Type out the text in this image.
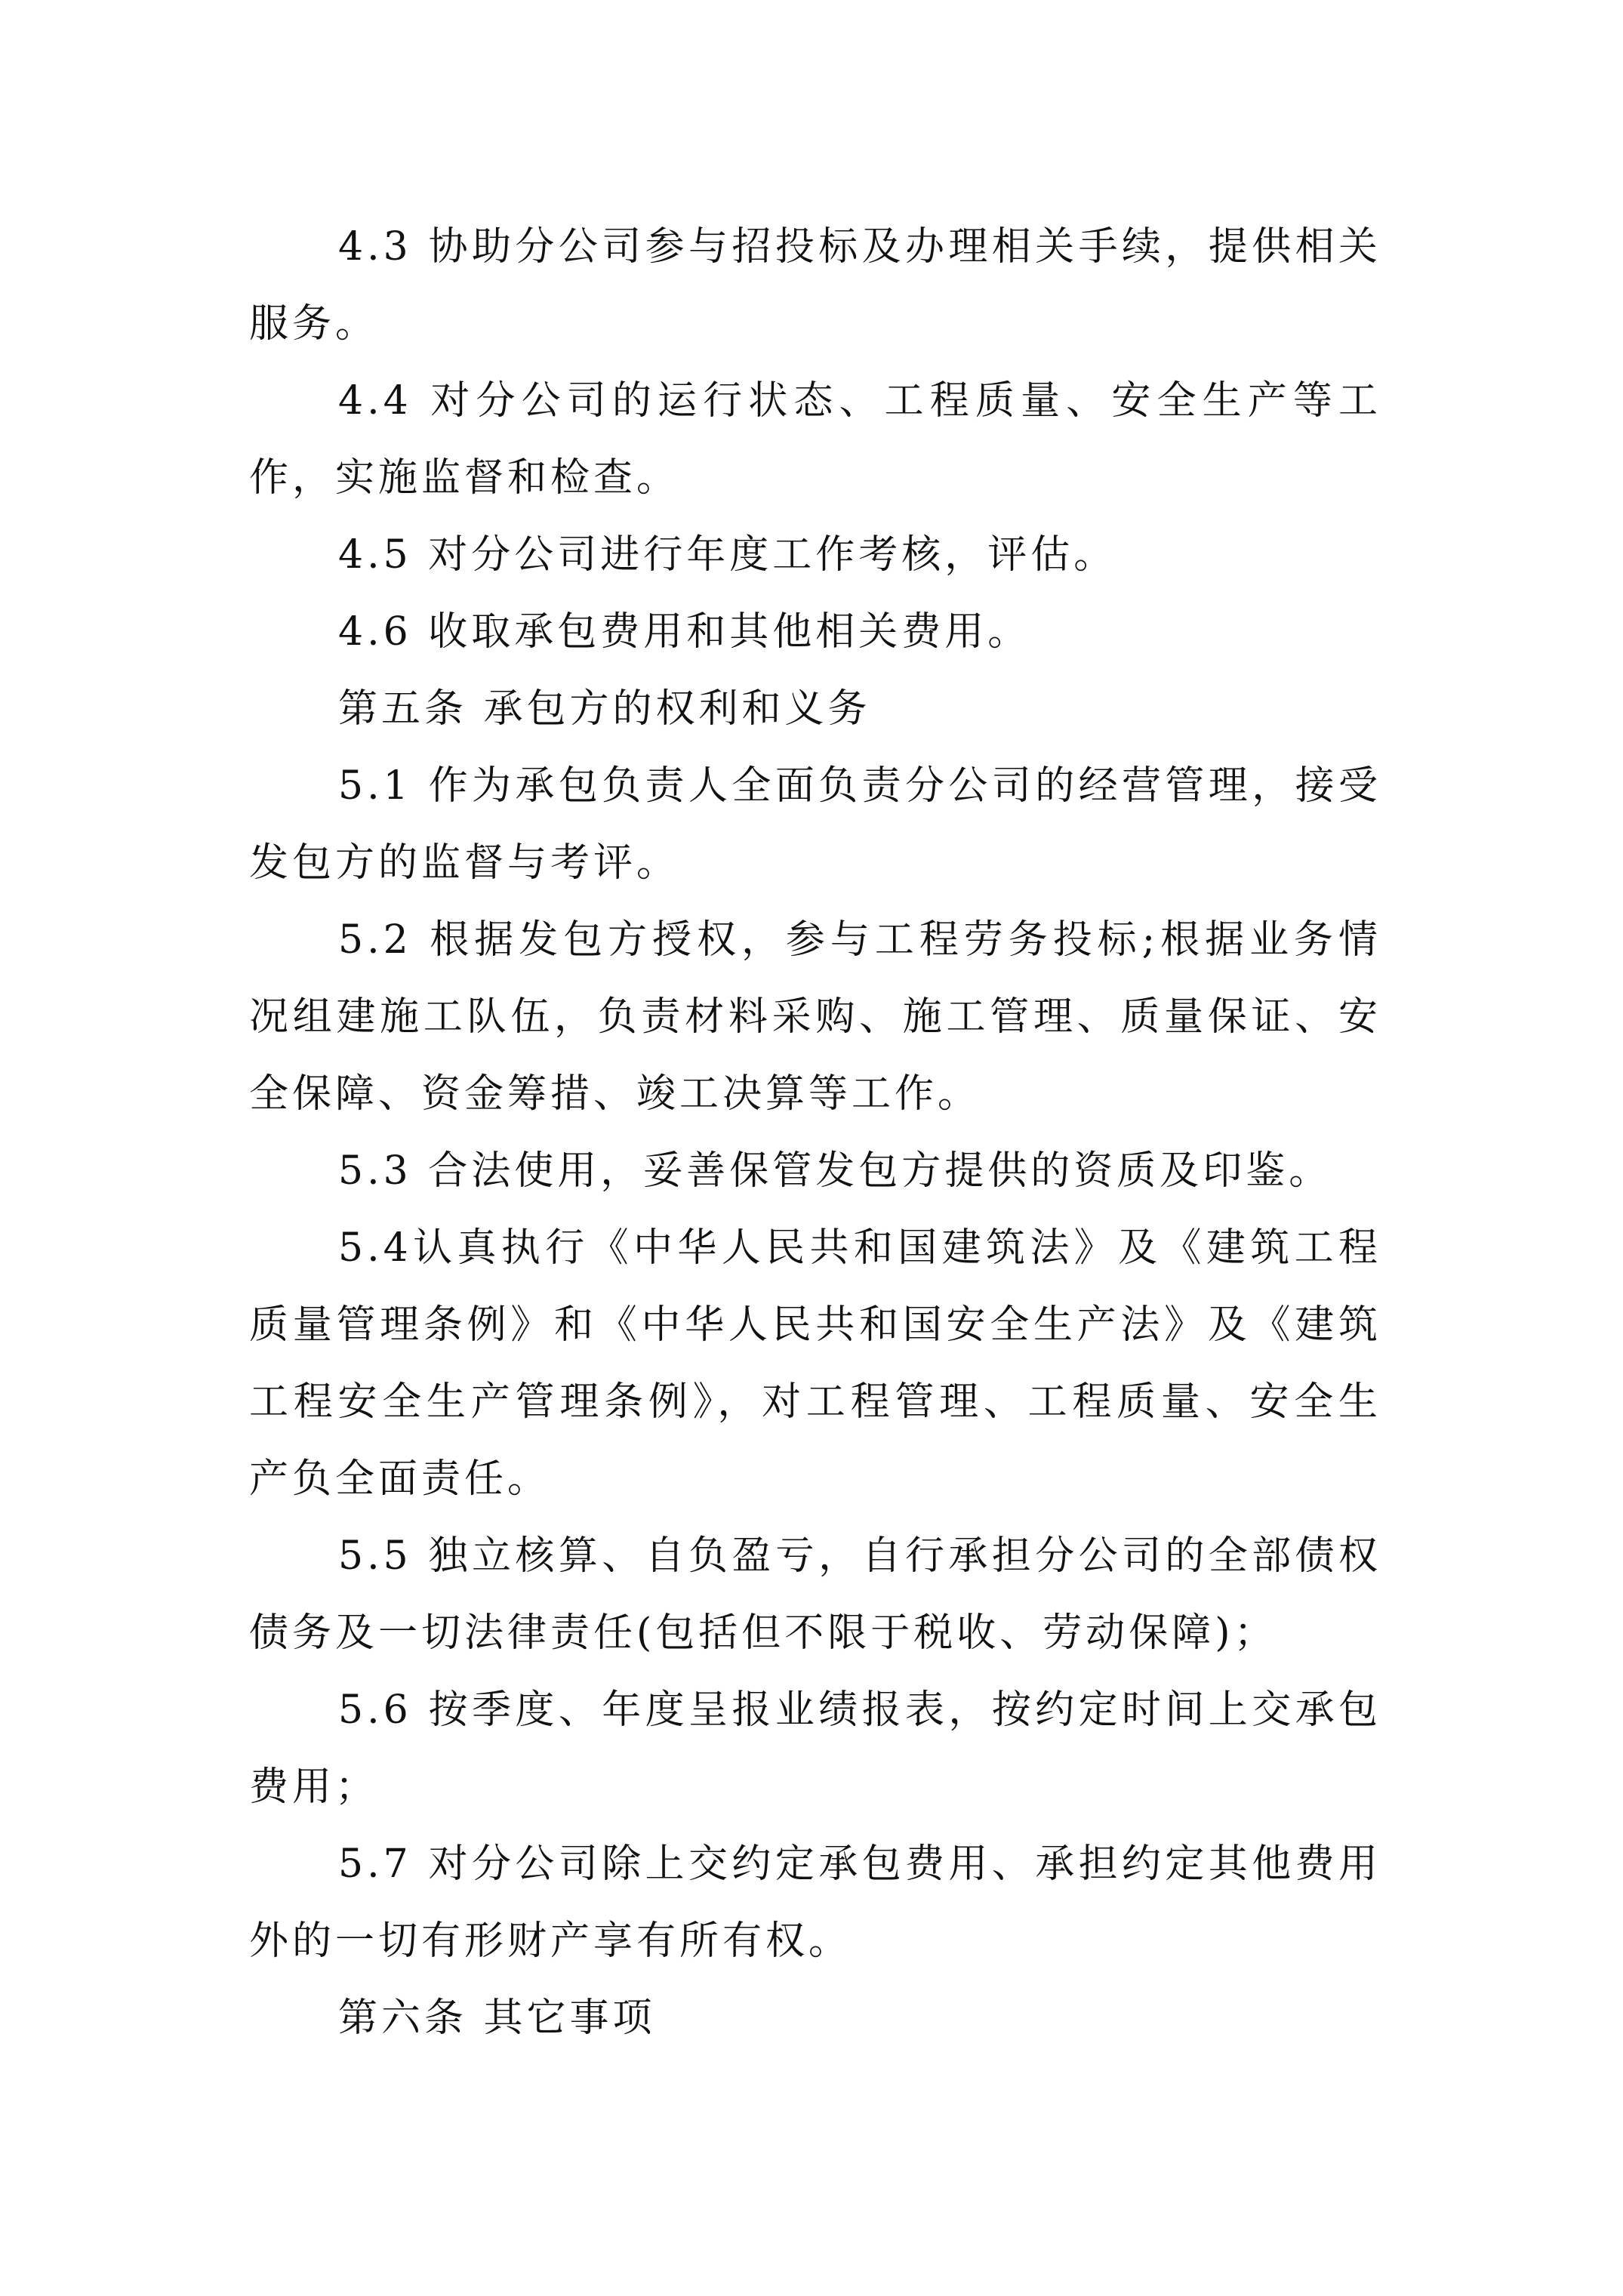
4.3 协助分公司参与招投标及办理相关手续，提供相关服务。

4.4 对分公司的运行状态、工程质量、安全生产等工作，实施监督和检查。

4.5 对分公司进行年度工作考核，评估。

4.6 收取承包费用和其他相关费用。

第五条 承包方的权利和义务

5.1 作为承包负责人全面负责分公司的经营管理，接受发包方的监督与考评。

5.2 根据发包方授权，参与工程劳务投标;根据业务情况组建施工队伍，负责材料采购、施工管理、质量保证、安全保障、资金筹措、竣工决算等工作。

5.3 合法使用，妥善保管发包方提供的资质及印鉴。

5.4认真执行《中华人民共和国建筑法》及《建筑工程质量管理条例》和《中华人民共和国安全生产法》及《建筑工程安全生产管理条例》，对工程管理、工程质量、安全生产负全面责任。

5.5 独立核算、自负盈亏，自行承担分公司的全部债权债务及一切法律责任(包括但不限于税收、劳动保障)；

5.6 按季度、年度呈报业绩报表，按约定时间上交承包费用；

5.7 对分公司除上交约定承包费用、承担约定其他费用外的一切有形财产享有所有权。

第六条 其它事项
